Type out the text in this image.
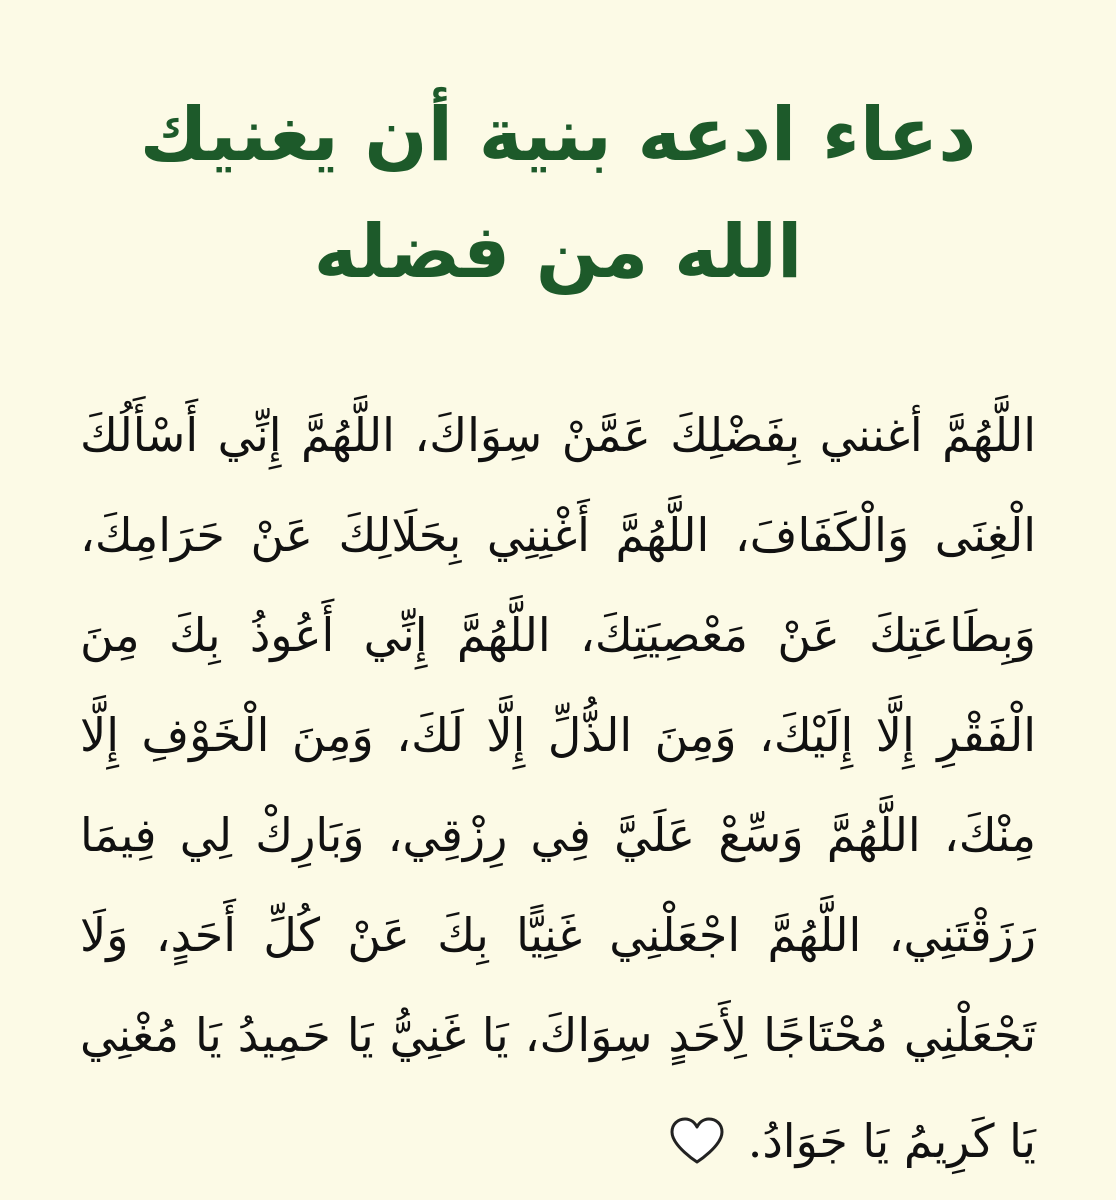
دعاء ادعه بنية أن يغنيك
الله من فضله
اللَّهُمَّ أغنني بِفَضْلِكَ عَمَّنْ سِوَاكَ، اللَّهُمَّ إِنِّي أَسْأَلُكَ
الْغِنَى وَالْكَفَافَ، اللَّهُمَّ أَغْنِنِي بِحَلَالِكَ عَنْ حَرَامِكَ،
وَبِطَاعَتِكَ عَنْ مَعْصِيَتِكَ، اللَّهُمَّ إِنِّي أَعُوذُ بِكَ مِنَ
الْفَقْرِ إِلَّا إِلَيْكَ، وَمِنَ الذُّلِّ إِلَّا لَكَ، وَمِنَ الْخَوْفِ إِلَّا
مِنْكَ، اللَّهُمَّ وَسِّعْ عَلَيَّ فِي رِزْقِي، وَبَارِكْ لِي فِيمَا
رَزَقْتَنِي، اللَّهُمَّ اجْعَلْنِي غَنِيًّا بِكَ عَنْ كُلِّ أَحَدٍ، وَلَا
تَجْعَلْنِي مُحْتَاجًا لِأَحَدٍ سِوَاكَ، يَا غَنِيُّ يَا حَمِيدُ يَا مُغْنِي
يَا كَرِيمُ يَا جَوَادُ.
